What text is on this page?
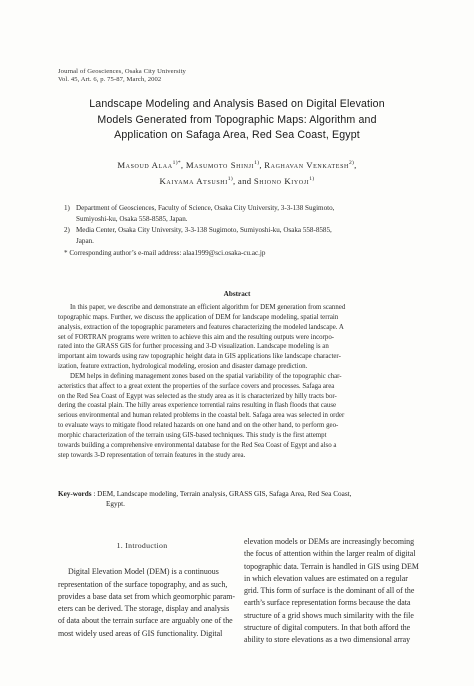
Journal of Geosciences, Osaka City University
Vol. 45, Art. 6, p. 75-87, March, 2002
Landscape Modeling and Analysis Based on Digital Elevation
Models Generated from Topographic Maps: Algorithm and
Application on Safaga Area, Red Sea Coast, Egypt
Masoud Alaa$^{1)*}$, Masumoto Shinji$^{1)}$, Raghavan Venkatesh$^{2)}$,
Kaiyama Atsushi$^{1)}$, and Shiono Kiyoji$^{1)}$
1) Department of Geosciences, Faculty of Science, Osaka City University, 3-3-138 Sugimoto,
Sumiyoshi-ku, Osaka 558-8585, Japan.
2) Media Center, Osaka City University, 3-3-138 Sugimoto, Sumiyoshi-ku, Osaka 558-8585,
Japan.
* Corresponding author’s e-mail address: alaa1999@sci.osaka-cu.ac.jp
Abstract
In this paper, we describe and demonstrate an efficient algorithm for DEM generation from scanned
topographic maps. Further, we discuss the application of DEM for landscape modeling, spatial terrain
analysis, extraction of the topographic parameters and features characterizing the modeled landscape. A
set of FORTRAN programs were written to achieve this aim and the resulting outputs were incorpo-
rated into the GRASS GIS for further processing and 3-D visualization. Landscape modeling is an
important aim towards using raw topographic height data in GIS applications like landscape character-
ization, feature extraction, hydrological modeling, erosion and disaster damage prediction.
DEM helps in defining management zones based on the spatial variability of the topographic char-
acteristics that affect to a great extent the properties of the surface covers and processes. Safaga area
on the Red Sea Coast of Egypt was selected as the study area as it is characterized by hilly tracts bor-
dering the coastal plain. The hilly areas experience torrential rains resulting in flash floods that cause
serious environmental and human related problems in the coastal belt. Safaga area was selected in order
to evaluate ways to mitigate flood related hazards on one hand and on the other hand, to perform geo-
morphic characterization of the terrain using GIS-based techniques. This study is the first attempt
towards building a comprehensive environmental database for the Red Sea Coast of Egypt and also a
step towards 3-D representation of terrain features in the study area.
Key-words : DEM, Landscape modeling, Terrain analysis, GRASS GIS, Safaga Area, Red Sea Coast,
Egypt.
1. Introduction
Digital Elevation Model (DEM) is a continuous
representation of the surface topography, and as such,
provides a base data set from which geomorphic param-
eters can be derived. The storage, display and analysis
of data about the terrain surface are arguably one of the
most widely used areas of GIS functionality. Digital
elevation models or DEMs are increasingly becoming
the focus of attention within the larger realm of digital
topographic data. Terrain is handled in GIS using DEM
in which elevation values are estimated on a regular
grid. This form of surface is the dominant of all of the
earth’s surface representation forms because the data
structure of a grid shows much similarity with the file
structure of digital computers. In that both afford the
ability to store elevations as a two dimensional array
